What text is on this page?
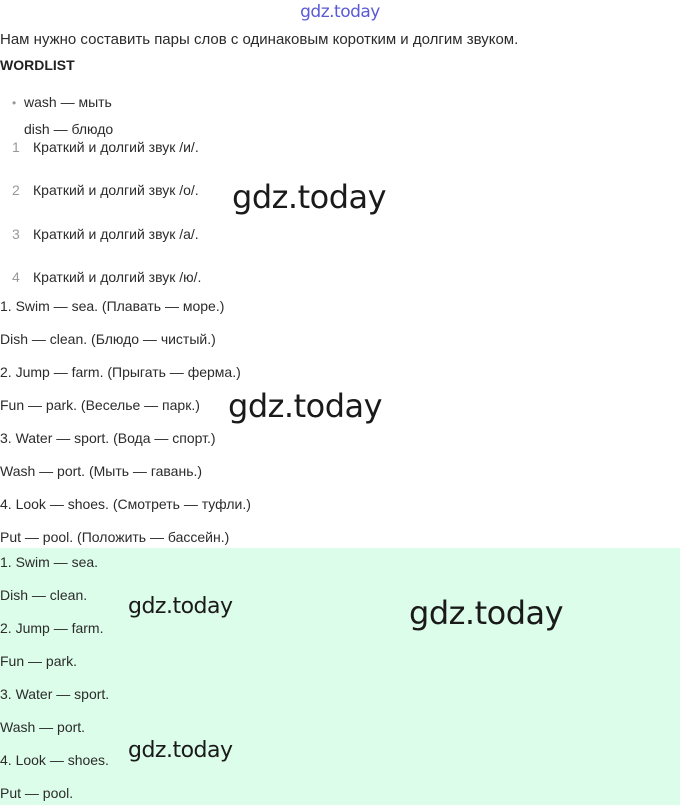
gdz.today
Нам нужно составить пары слов с одинаковым коротким и долгим звуком.
WORDLIST
• wash — мыть
dish — блюдо
1 Краткий и долгий звук /и/.
2 Краткий и долгий звук /о/.
3 Краткий и долгий звук /а/.
4 Краткий и долгий звук /ю/.
1. Swim — sea. (Плавать — море.)
Dish — clean. (Блюдо — чистый.)
2. Jump — farm. (Прыгать — ферма.)
Fun — park. (Веселье — парк.)
3. Water — sport. (Вода — спорт.)
Wash — port. (Мыть — гавань.)
4. Look — shoes. (Смотреть — туфли.)
Put — pool. (Положить — бассейн.)
1. Swim — sea.
Dish — clean.
2. Jump — farm.
Fun — park.
3. Water — sport.
Wash — port.
4. Look — shoes.
Put — pool.
gdz.today
gdz.today
gdz.today	gdz.today
gdz.today
